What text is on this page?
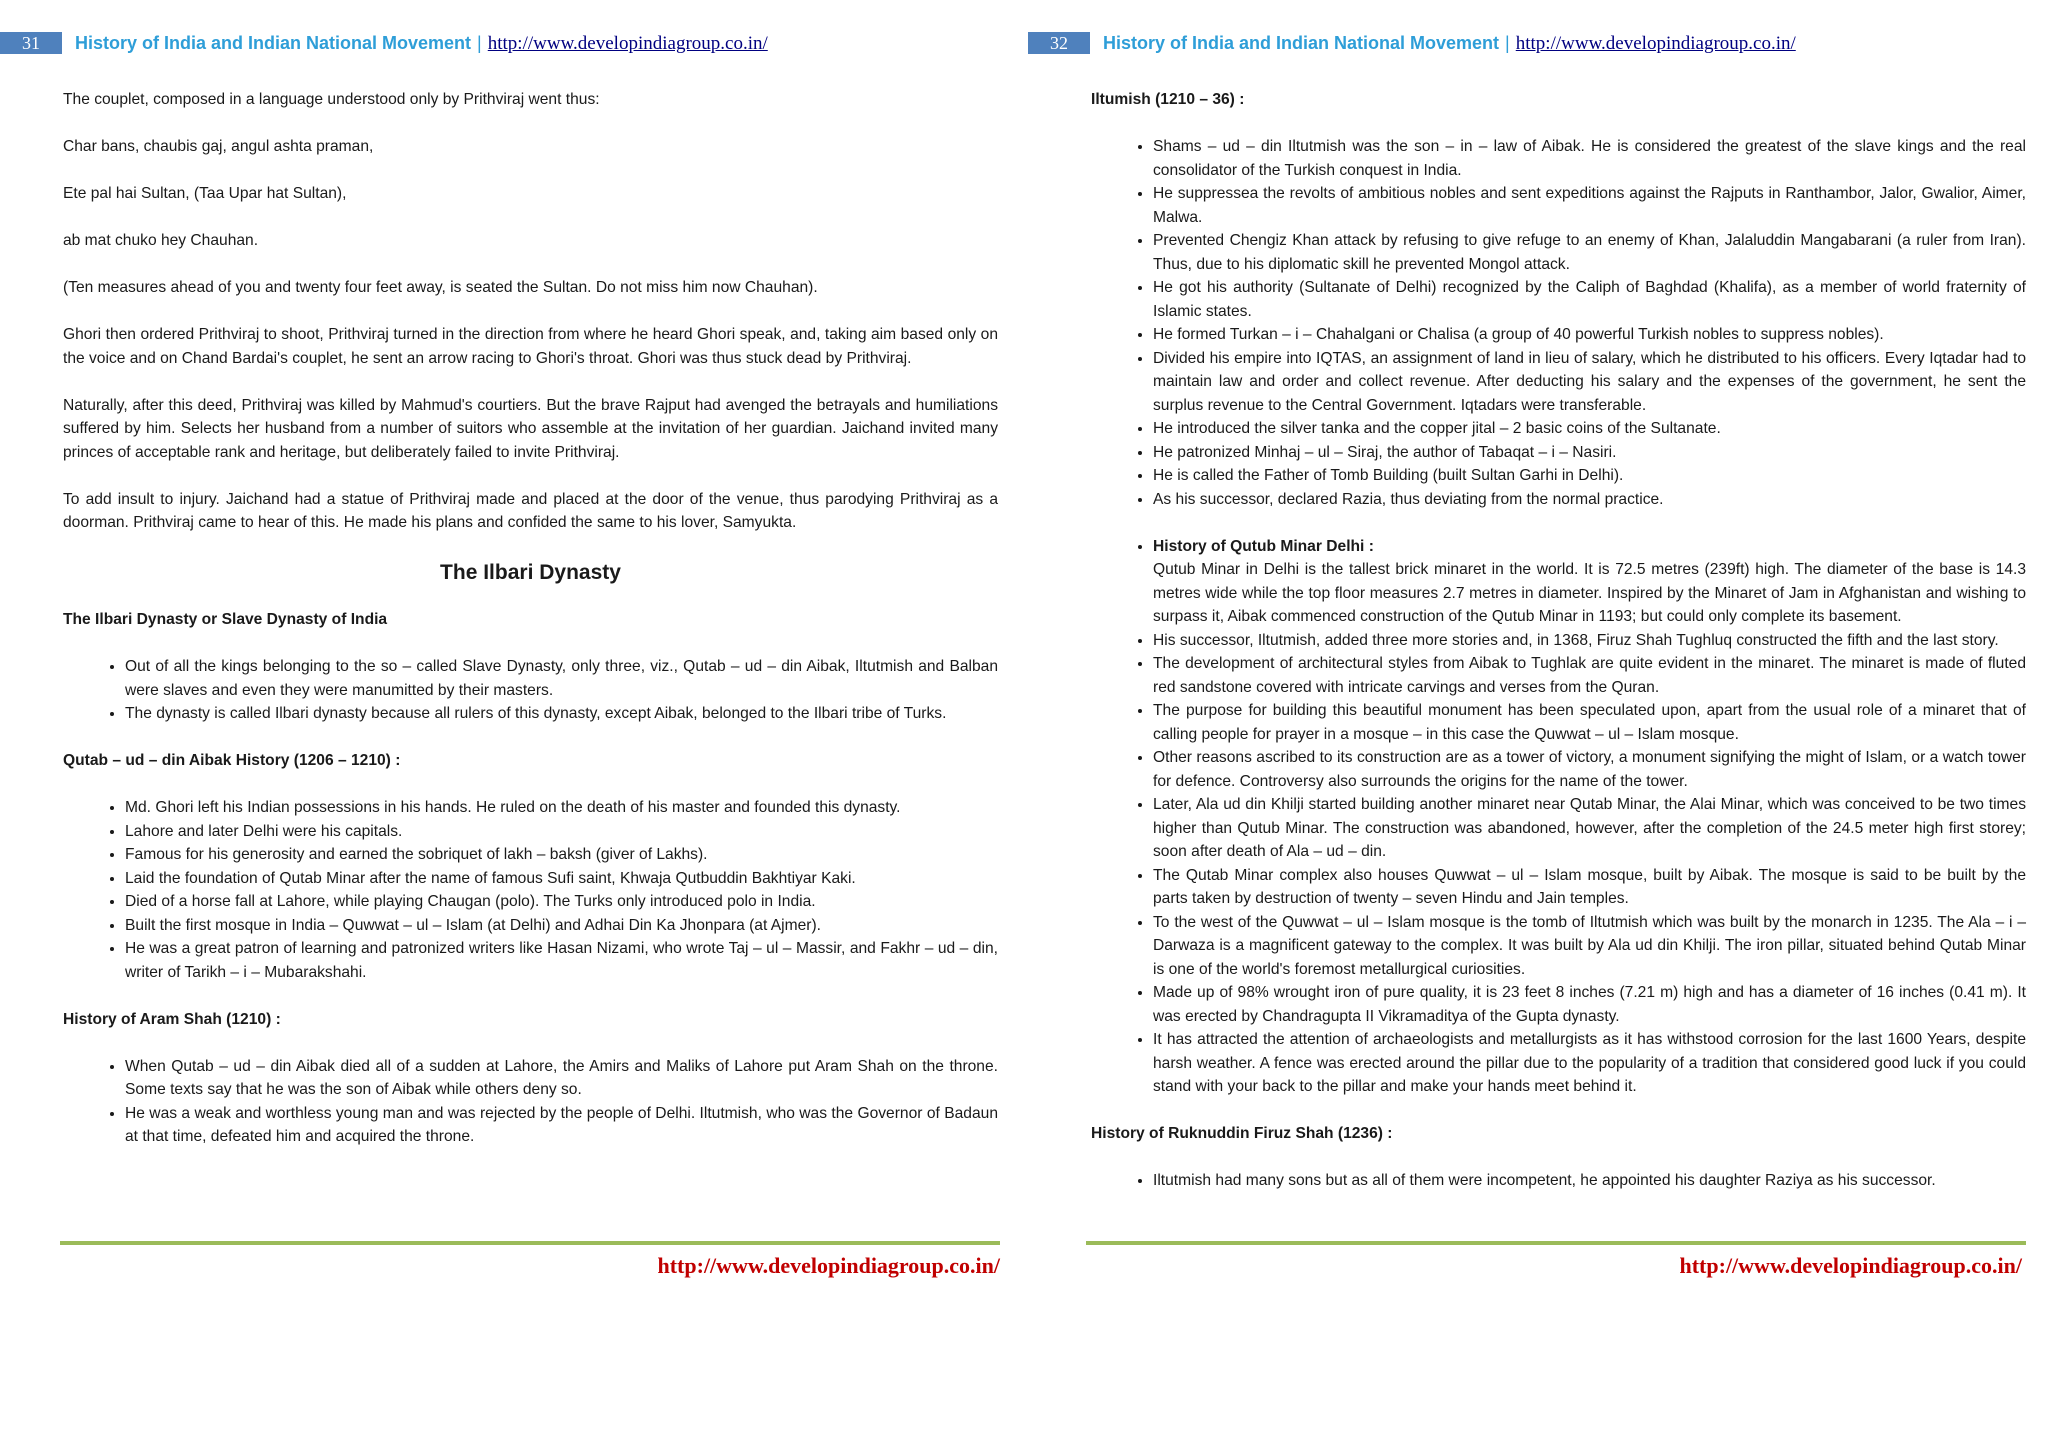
31	History of India and Indian National Movement | http://www.developindiagroup.co.in/

The couplet, composed in a language understood only by Prithviraj went thus:

Char bans, chaubis gaj, angul ashta praman,

Ete pal hai Sultan, (Taa Upar hat Sultan),

ab mat chuko hey Chauhan.

(Ten measures ahead of you and twenty four feet away, is seated the Sultan. Do not miss him now Chauhan).

Ghori then ordered Prithviraj to shoot, Prithviraj turned in the direction from where he heard Ghori speak, and, taking aim based only on the voice and on Chand Bardai's couplet, he sent an arrow racing to Ghori's throat. Ghori was thus stuck dead by Prithviraj.

Naturally, after this deed, Prithviraj was killed by Mahmud's courtiers. But the brave Rajput had avenged the betrayals and humiliations suffered by him. Selects her husband from a number of suitors who assemble at the invitation of her guardian. Jaichand invited many princes of acceptable rank and heritage, but deliberately failed to invite Prithviraj.

To add insult to injury. Jaichand had a statue of Prithviraj made and placed at the door of the venue, thus parodying Prithviraj as a doorman. Prithviraj came to hear of this. He made his plans and confided the same to his lover, Samyukta.

The Ilbari Dynasty
The Ilbari Dynasty or Slave Dynasty of India
• Out of all the kings belonging to the so – called Slave Dynasty, only three, viz., Qutab – ud – din Aibak, Iltutmish and Balban were slaves and even they were manumitted by their masters.
• The dynasty is called Ilbari dynasty because all rulers of this dynasty, except Aibak, belonged to the Ilbari tribe of Turks.
Qutab – ud – din Aibak History (1206 – 1210) :
• Md. Ghori left his Indian possessions in his hands. He ruled on the death of his master and founded this dynasty.
• Lahore and later Delhi were his capitals.
• Famous for his generosity and earned the sobriquet of lakh – baksh (giver of Lakhs).
• Laid the foundation of Qutab Minar after the name of famous Sufi saint, Khwaja Qutbuddin Bakhtiyar Kaki.
• Died of a horse fall at Lahore, while playing Chaugan (polo). The Turks only introduced polo in India.
• Built the first mosque in India – Quwwat – ul – Islam (at Delhi) and Adhai Din Ka Jhonpara (at Ajmer).
• He was a great patron of learning and patronized writers like Hasan Nizami, who wrote Taj – ul – Massir, and Fakhr – ud – din, writer of Tarikh – i – Mubarakshahi.
History of Aram Shah (1210) :
• When Qutab – ud – din Aibak died all of a sudden at Lahore, the Amirs and Maliks of Lahore put Aram Shah on the throne. Some texts say that he was the son of Aibak while others deny so.
• He was a weak and worthless young man and was rejected by the people of Delhi. Iltutmish, who was the Governor of Badaun at that time, defeated him and acquired the throne.
http://www.developindiagroup.co.in/
32	History of India and Indian National Movement | http://www.developindiagroup.co.in/
Iltumish (1210 – 36) :
• Shams – ud – din Iltutmish was the son – in – law of Aibak. He is considered the greatest of the slave kings and the real consolidator of the Turkish conquest in India.
• He suppressea the revolts of ambitious nobles and sent expeditions against the Rajputs in Ranthambor, Jalor, Gwalior, Aimer, Malwa.
• Prevented Chengiz Khan attack by refusing to give refuge to an enemy of Khan, Jalaluddin Mangabarani (a ruler from Iran). Thus, due to his diplomatic skill he prevented Mongol attack.
• He got his authority (Sultanate of Delhi) recognized by the Caliph of Baghdad (Khalifa), as a member of world fraternity of Islamic states.
• He formed Turkan – i – Chahalgani or Chalisa (a group of 40 powerful Turkish nobles to suppress nobles).
• Divided his empire into IQTAS, an assignment of land in lieu of salary, which he distributed to his officers. Every Iqtadar had to maintain law and order and collect revenue. After deducting his salary and the expenses of the government, he sent the surplus revenue to the Central Government. Iqtadars were transferable.
• He introduced the silver tanka and the copper jital – 2 basic coins of the Sultanate.
• He patronized Minhaj – ul – Siraj, the author of Tabaqat – i – Nasiri.
• He is called the Father of Tomb Building (built Sultan Garhi in Delhi).
• As his successor, declared Razia, thus deviating from the normal practice.
• History of Qutub Minar Delhi :
Qutub Minar in Delhi is the tallest brick minaret in the world. It is 72.5 metres (239ft) high. The diameter of the base is 14.3 metres wide while the top floor measures 2.7 metres in diameter. Inspired by the Minaret of Jam in Afghanistan and wishing to surpass it, Aibak commenced construction of the Qutub Minar in 1193; but could only complete its basement.
• His successor, Iltutmish, added three more stories and, in 1368, Firuz Shah Tughluq constructed the fifth and the last story.
• The development of architectural styles from Aibak to Tughlak are quite evident in the minaret. The minaret is made of fluted red sandstone covered with intricate carvings and verses from the Quran.
• The purpose for building this beautiful monument has been speculated upon, apart from the usual role of a minaret that of calling people for prayer in a mosque – in this case the Quwwat – ul – Islam mosque.
• Other reasons ascribed to its construction are as a tower of victory, a monument signifying the might of Islam, or a watch tower for defence. Controversy also surrounds the origins for the name of the tower.
• Later, Ala ud din Khilji started building another minaret near Qutab Minar, the Alai Minar, which was conceived to be two times higher than Qutub Minar. The construction was abandoned, however, after the completion of the 24.5 meter high first storey; soon after death of Ala – ud – din.
• The Qutab Minar complex also houses Quwwat – ul – Islam mosque, built by Aibak. The mosque is said to be built by the parts taken by destruction of twenty – seven Hindu and Jain temples.
• To the west of the Quwwat – ul – Islam mosque is the tomb of Iltutmish which was built by the monarch in 1235. The Ala – i – Darwaza is a magnificent gateway to the complex. It was built by Ala ud din Khilji. The iron pillar, situated behind Qutab Minar is one of the world's foremost metallurgical curiosities.
• Made up of 98% wrought iron of pure quality, it is 23 feet 8 inches (7.21 m) high and has a diameter of 16 inches (0.41 m). It was erected by Chandragupta II Vikramaditya of the Gupta dynasty.
• It has attracted the attention of archaeologists and metallurgists as it has withstood corrosion for the last 1600 Years, despite harsh weather. A fence was erected around the pillar due to the popularity of a tradition that considered good luck if you could stand with your back to the pillar and make your hands meet behind it.
History of Ruknuddin Firuz Shah (1236) :
• Iltutmish had many sons but as all of them were incompetent, he appointed his daughter Raziya as his successor.
http://www.developindiagroup.co.in/
